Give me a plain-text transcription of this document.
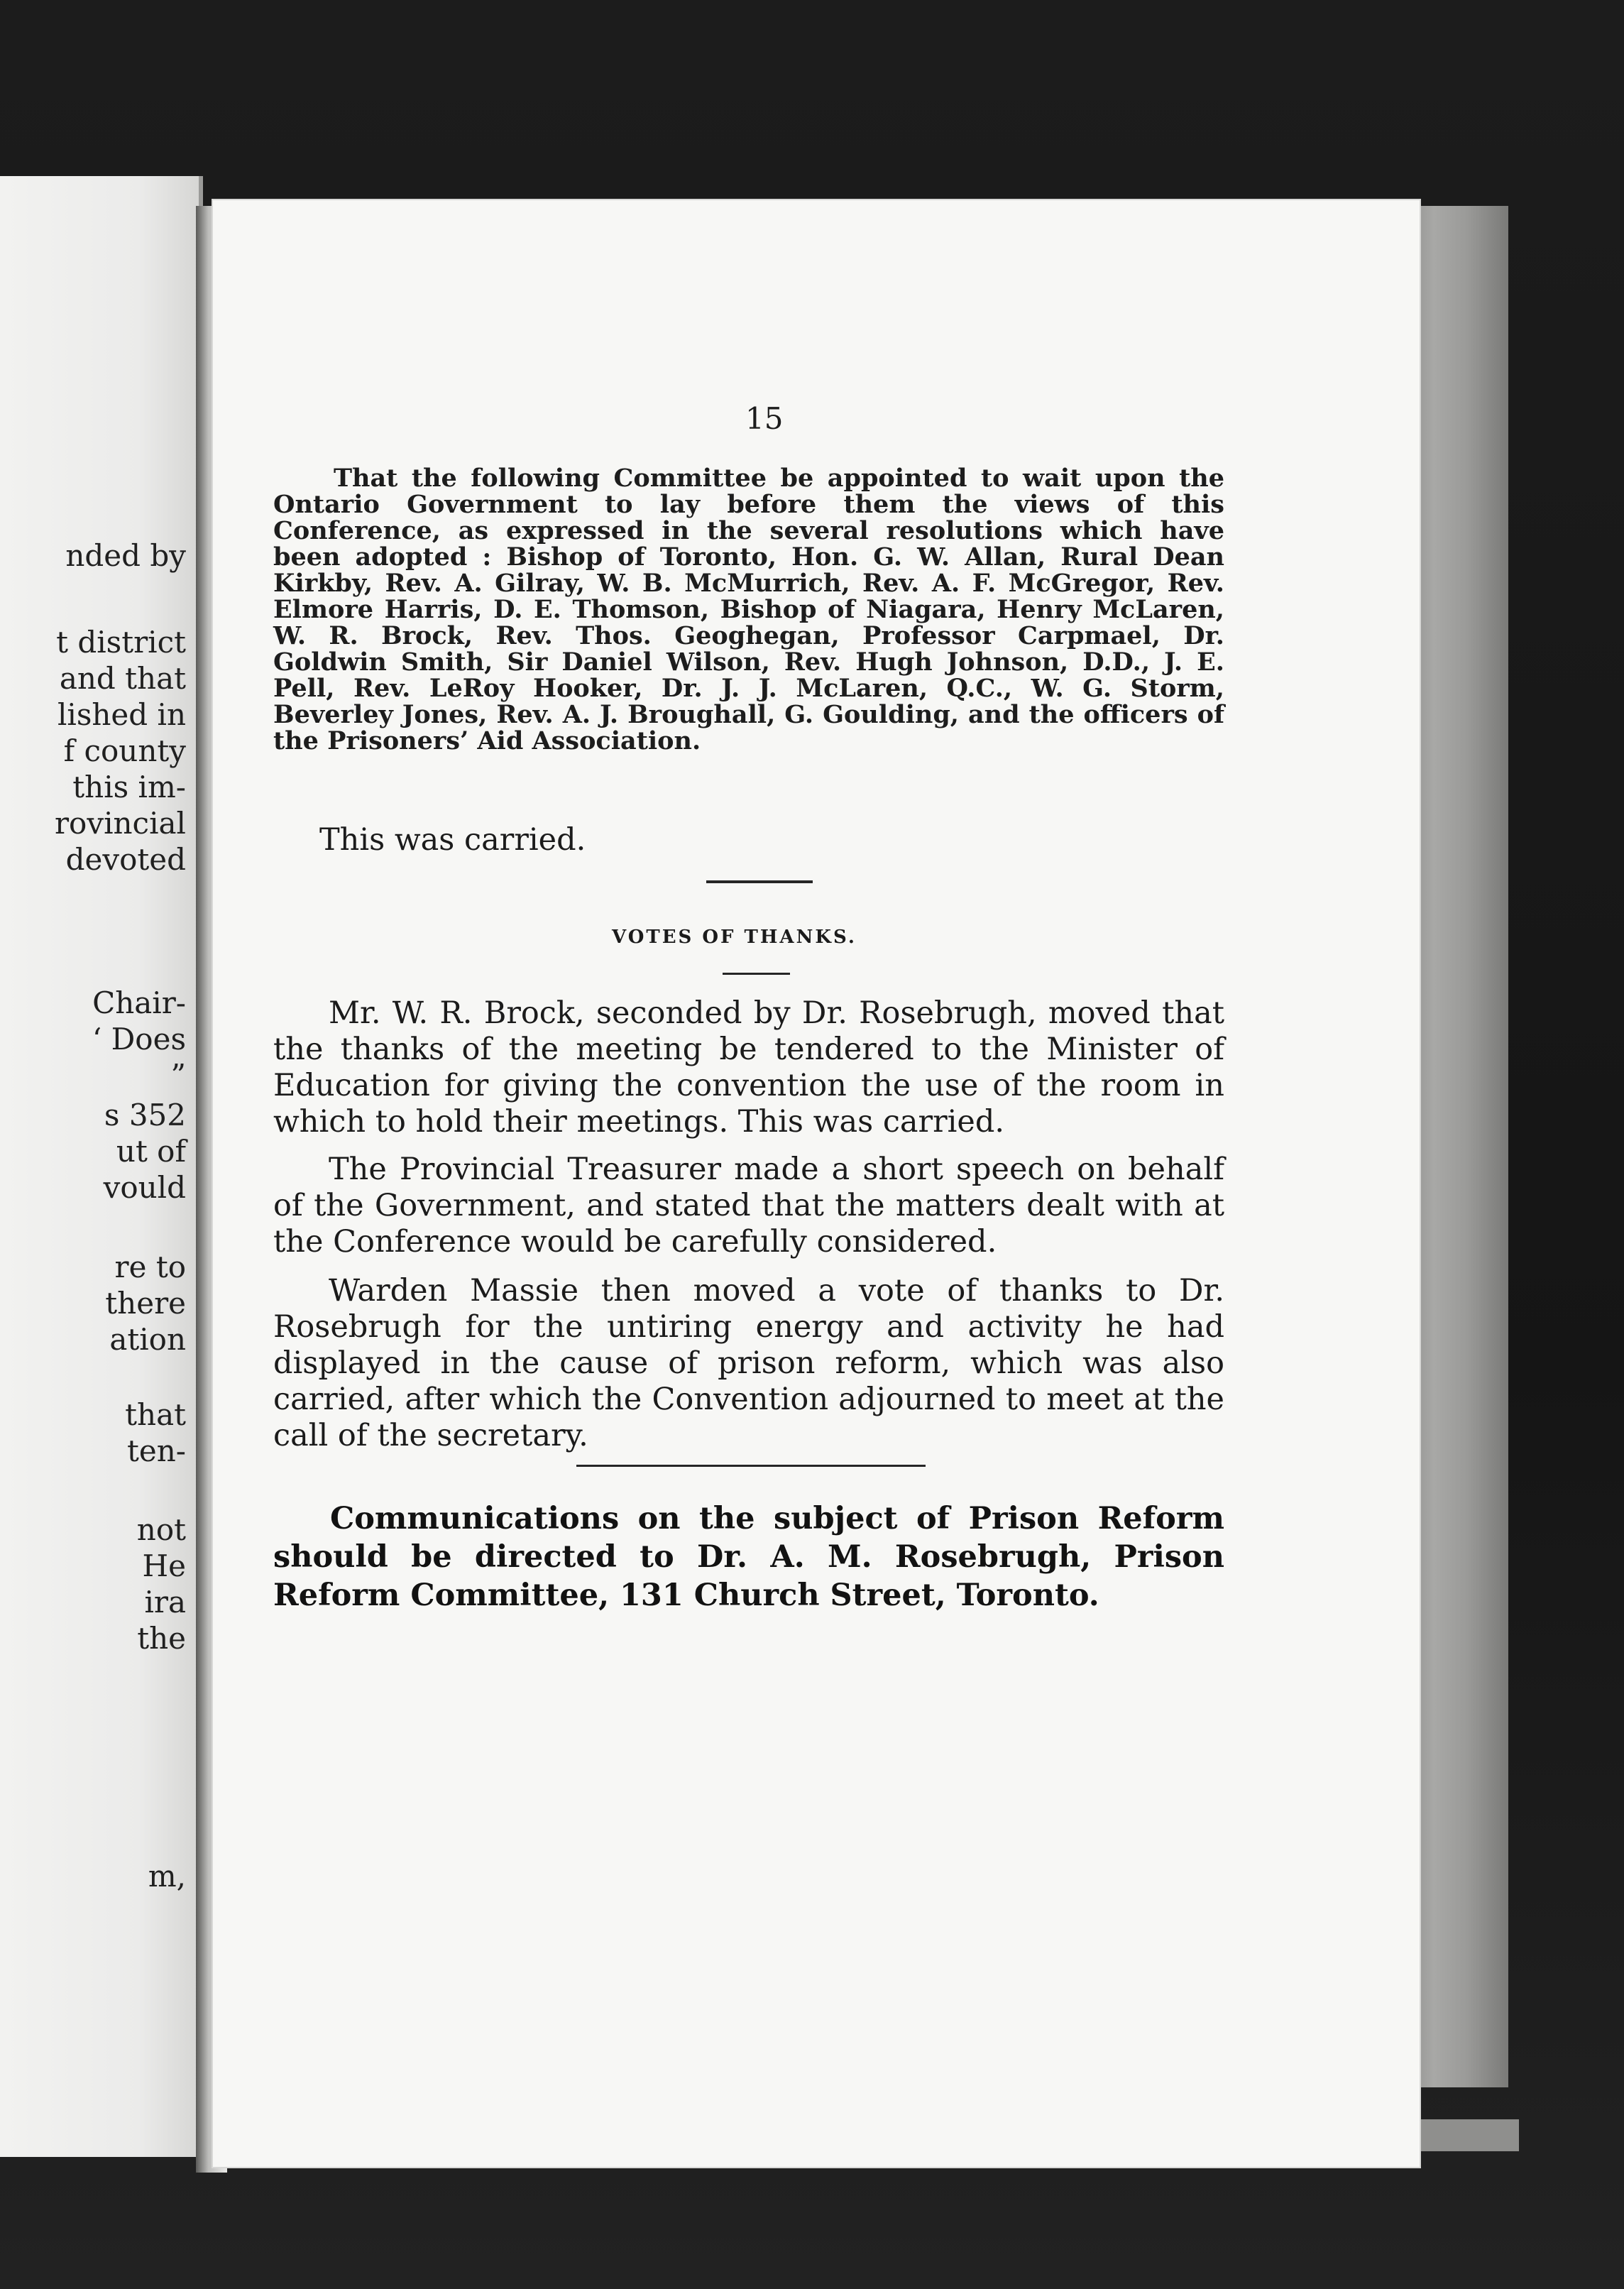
nded by
t district
and that
lished in
f county
this im-
rovincial
devoted
Chair-
‘ Does
”
s 352
ut of
vould
re to
there
ation
that
ten-
not
He
ira
the
m,
15
That the following Committee be appointed to wait upon the Ontario Government to lay before them the views of this Conference, as expressed in the several resolutions which have been adopted : Bishop of Toronto, Hon. G. W. Allan, Rural Dean Kirkby, Rev. A. Gilray, W. B. McMurrich, Rev. A. F. McGregor, Rev. Elmore Harris, D. E. Thomson, Bishop of Niagara, Henry McLaren, W. R. Brock, Rev. Thos. Geoghegan, Professor Carpmael, Dr. Goldwin Smith, Sir Daniel Wilson, Rev. Hugh Johnson, D.D., J. E. Pell, Rev. LeRoy Hooker, Dr. J. J. McLaren, Q.C., W. G. Storm, Beverley Jones, Rev. A. J. Broughall, G. Goulding, and the officers of the Prisoners’ Aid Association.
This was carried.
VOTES OF THANKS.
Mr. W. R. Brock, seconded by Dr. Rosebrugh, moved that the thanks of the meeting be tendered to the Minister of Education for giving the convention the use of the room in which to hold their meetings. This was carried.
The Provincial Treasurer made a short speech on behalf of the Government, and stated that the matters dealt with at the Conference would be carefully considered.
Warden Massie then moved a vote of thanks to Dr. Rosebrugh for the untiring energy and activity he had displayed in the cause of prison reform, which was also carried, after which the Convention adjourned to meet at the call of the secretary.
Communications on the subject of Prison Reform should be directed to Dr. A. M. Rosebrugh, Prison Reform Committee, 131 Church Street, Toronto.
